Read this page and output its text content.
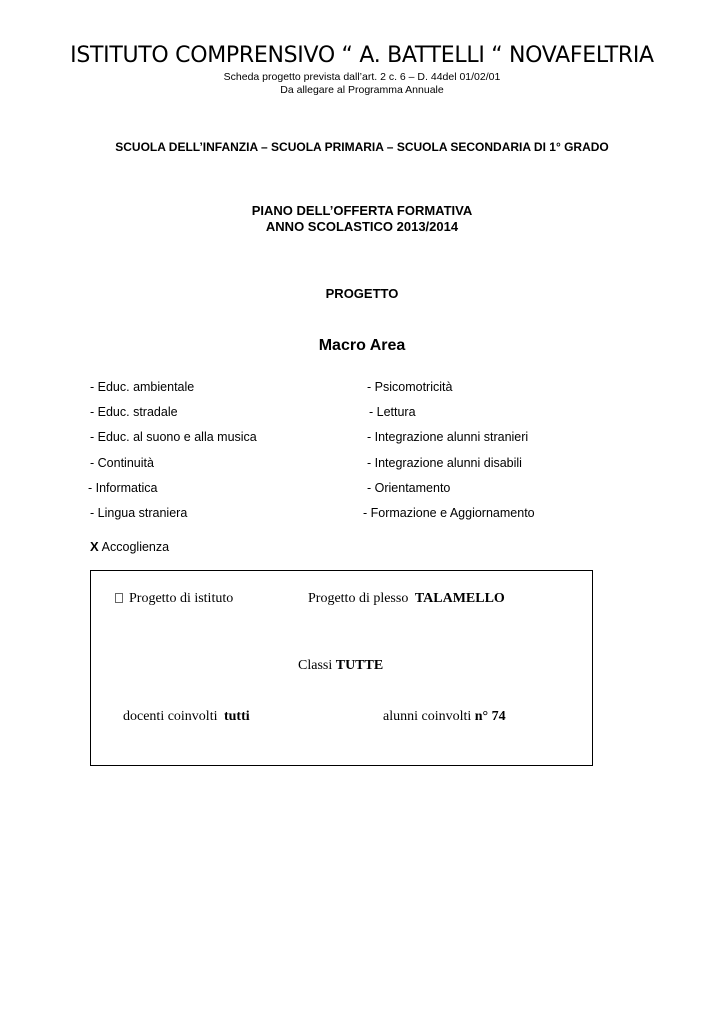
ISTITUTO COMPRENSIVO “ A. BATTELLI “ NOVAFELTRIA
Scheda progetto prevista dall’art. 2 c. 6 – D. 44del 01/02/01
Da allegare al Programma Annuale
SCUOLA DELL’INFANZIA – SCUOLA PRIMARIA – SCUOLA SECONDARIA DI 1° GRADO
PIANO DELL’OFFERTA FORMATIVA
ANNO SCOLASTICO 2013/2014
PROGETTO
Macro Area
- Educ. ambientale
- Educ. stradale
- Educ. al suono e alla musica
- Continuità
- Informatica
- Lingua straniera
- Psicomotricità
- Lettura
- Integrazione alunni stranieri
- Integrazione alunni disabili
- Orientamento
- Formazione e Aggiornamento
X Accoglienza
Progetto di istituto	Progetto di plesso TALAMELLO
Classi TUTTE
docenti coinvolti tutti	alunni coinvolti n° 74
